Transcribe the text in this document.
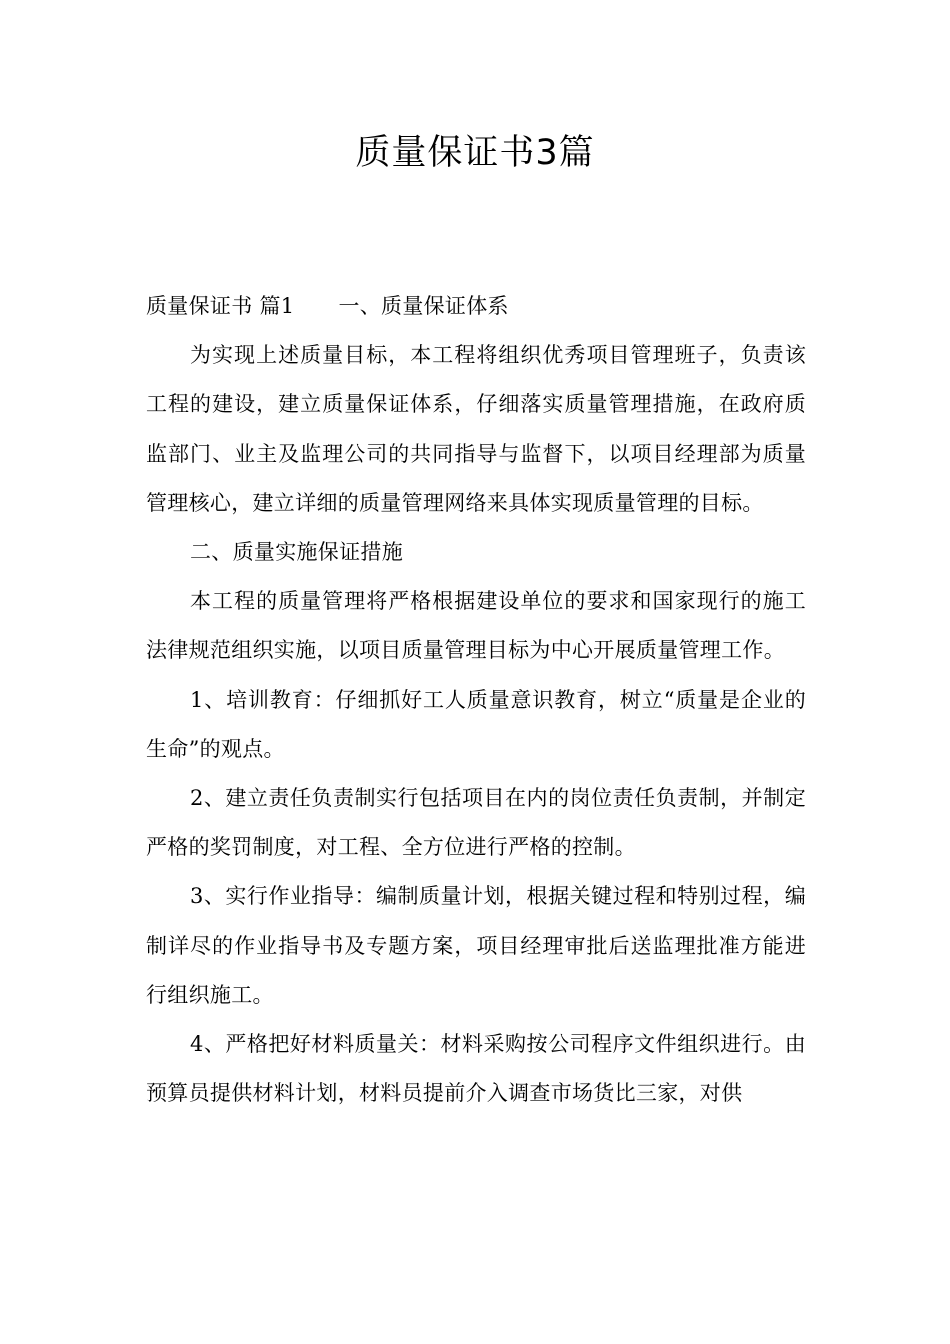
质量保证书3篇

质量保证书 篇1 一、质量保证体系

为实现上述质量目标，本工程将组织优秀项目管理班子，负责该工程的建设，建立质量保证体系，仔细落实质量管理措施，在政府质监部门、业主及监理公司的共同指导与监督下，以项目经理部为质量管理核心，建立详细的质量管理网络来具体实现质量管理的目标。

二、质量实施保证措施

本工程的质量管理将严格根据建设单位的要求和国家现行的施工法律规范组织实施，以项目质量管理目标为中心开展质量管理工作。

1、培训教育：仔细抓好工人质量意识教育，树立“质量是企业的生命”的观点。

2、建立责任负责制实行包括项目在内的岗位责任负责制，并制定严格的奖罚制度，对工程、全方位进行严格的控制。

3、实行作业指导：编制质量计划，根据关键过程和特别过程，编制详尽的作业指导书及专题方案，项目经理审批后送监理批准方能进行组织施工。

4、严格把好材料质量关：材料采购按公司程序文件组织进行。由预算员提供材料计划，材料员提前介入调查市场货比三家，对供
